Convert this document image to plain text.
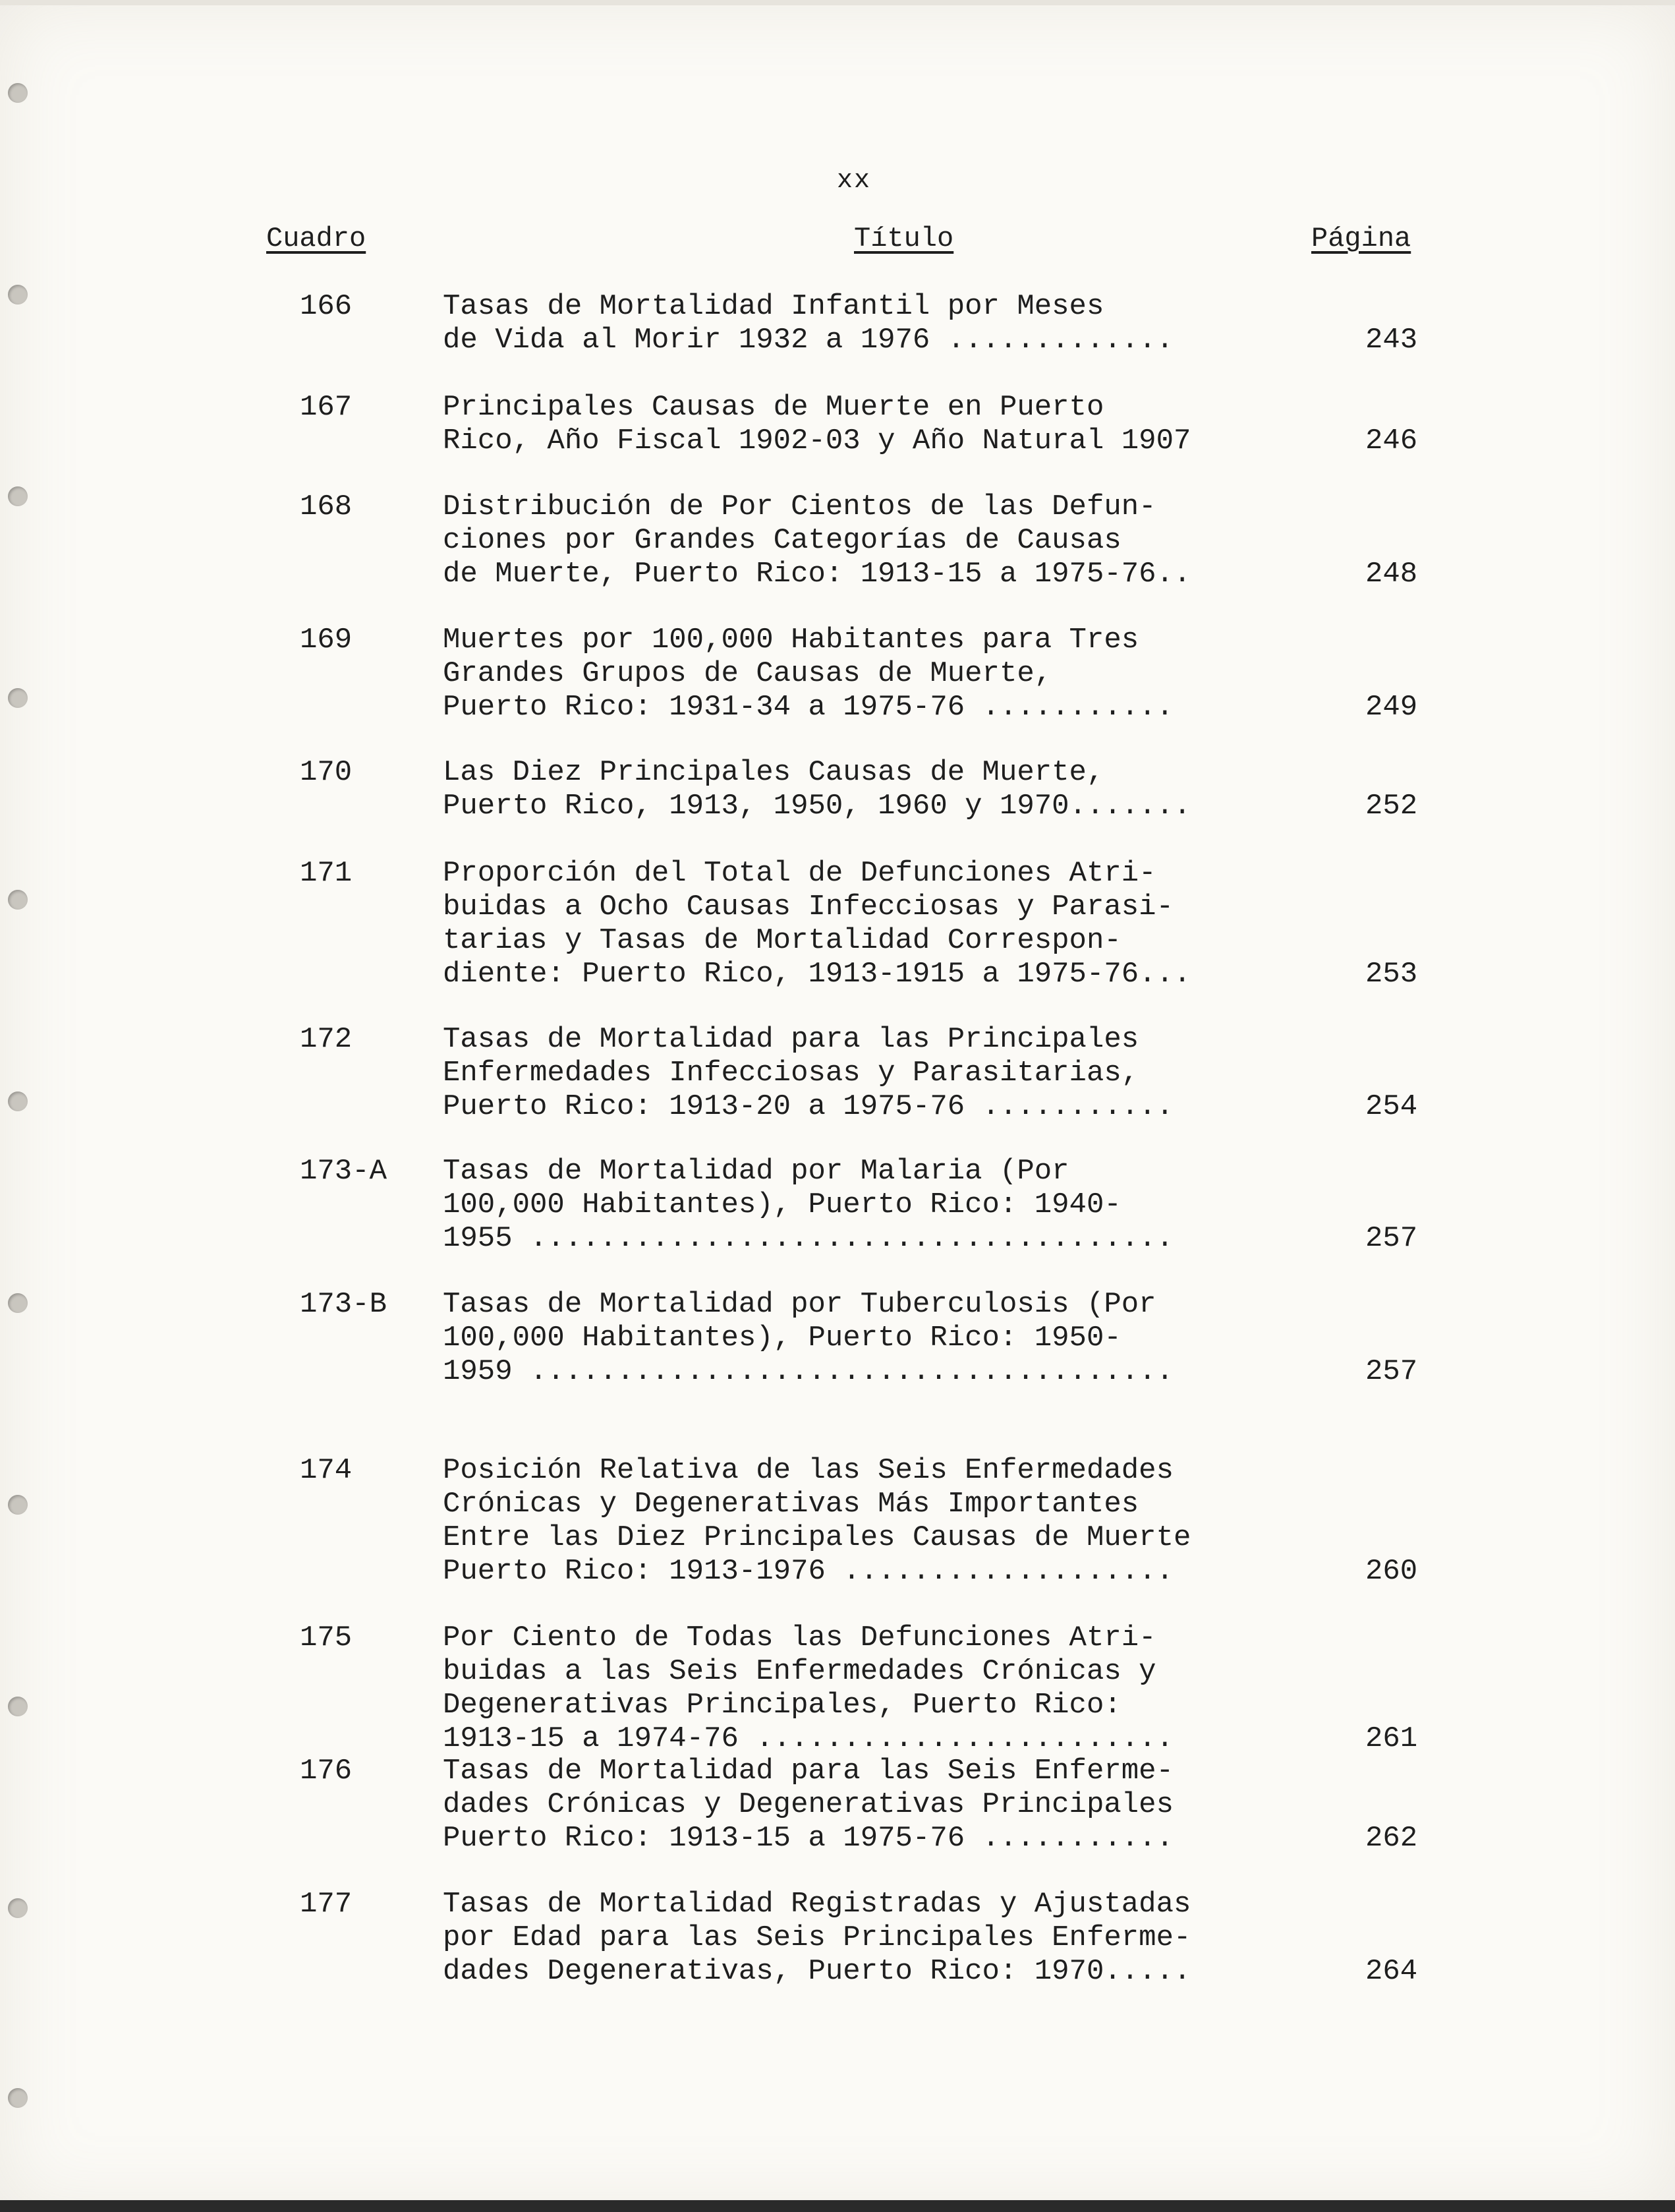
xx
Cuadro	Título	Página
166	Tasas de Mortalidad Infantil por Meses
de Vida al Morir 1932 a 1976 .............	243
167	Principales Causas de Muerte en Puerto
Rico, Año Fiscal 1902-03 y Año Natural 1907	246
168	Distribución de Por Cientos de las Defun-
ciones por Grandes Categorías de Causas
de Muerte, Puerto Rico: 1913-15 a 1975-76..	248
169	Muertes por 100,000 Habitantes para Tres
Grandes Grupos de Causas de Muerte,
Puerto Rico: 1931-34 a 1975-76 ...........	249
170	Las Diez Principales Causas de Muerte,
Puerto Rico, 1913, 1950, 1960 y 1970.......	252
171	Proporción del Total de Defunciones Atri-
buidas a Ocho Causas Infecciosas y Parasi-
tarias y Tasas de Mortalidad Correspon-
diente: Puerto Rico, 1913-1915 a 1975-76...	253
172	Tasas de Mortalidad para las Principales
Enfermedades Infecciosas y Parasitarias,
Puerto Rico: 1913-20 a 1975-76 ...........	254
173-A	Tasas de Mortalidad por Malaria (Por
100,000 Habitantes), Puerto Rico: 1940-
1955 .....................................	257
173-B	Tasas de Mortalidad por Tuberculosis (Por
100,000 Habitantes), Puerto Rico: 1950-
1959 .....................................	257
174	Posición Relativa de las Seis Enfermedades
Crónicas y Degenerativas Más Importantes
Entre las Diez Principales Causas de Muerte
Puerto Rico: 1913-1976 ...................	260
175	Por Ciento de Todas las Defunciones Atri-
buidas a las Seis Enfermedades Crónicas y
Degenerativas Principales, Puerto Rico:
1913-15 a 1974-76 ........................	261
176	Tasas de Mortalidad para las Seis Enferme-
dades Crónicas y Degenerativas Principales
Puerto Rico: 1913-15 a 1975-76 ...........	262
177	Tasas de Mortalidad Registradas y Ajustadas
por Edad para las Seis Principales Enferme-
dades Degenerativas, Puerto Rico: 1970.....	264
